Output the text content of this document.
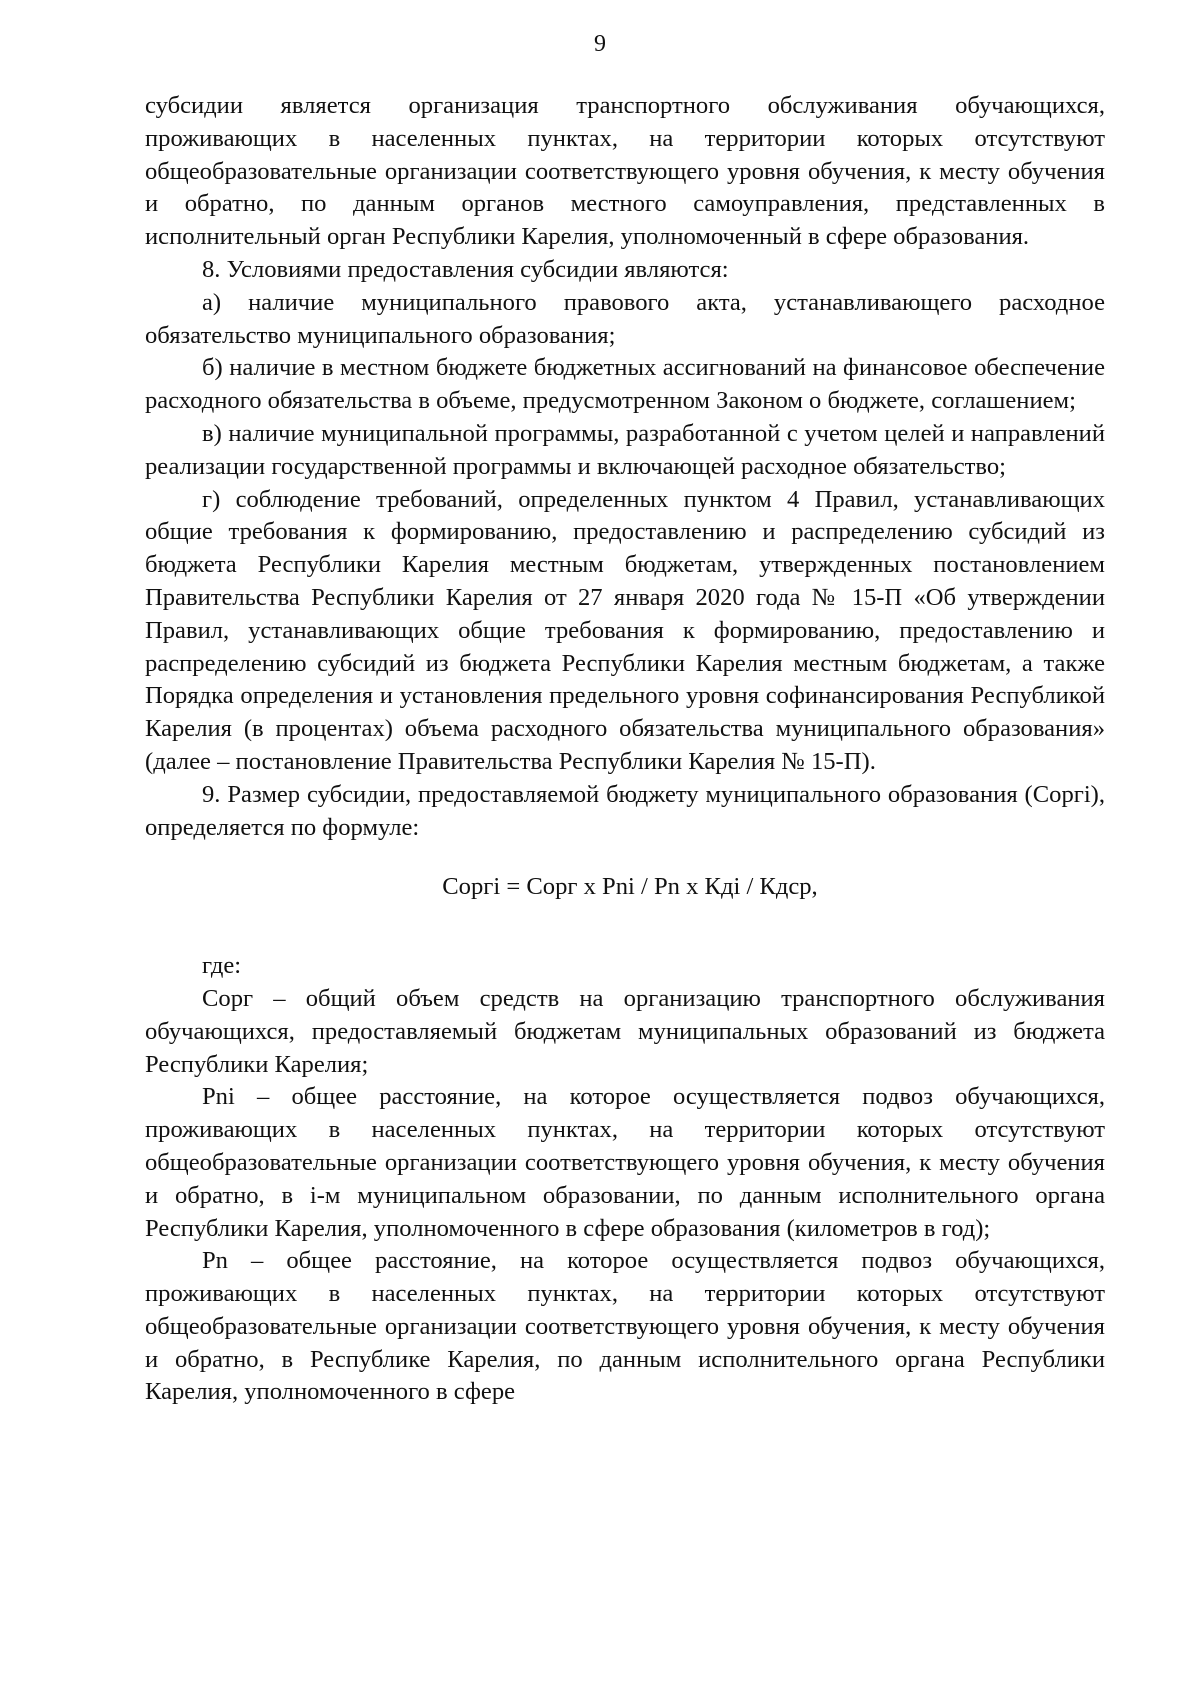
9

субсидии является организация транспортного обслуживания обучающихся, проживающих в населенных пунктах, на территории которых отсутствуют общеобразовательные организации соответствующего уровня обучения, к месту обучения и обратно, по данным органов местного самоуправления, представленных в исполнительный орган Республики Карелия, уполномоченный в сфере образования.

8. Условиями предоставления субсидии являются:

а) наличие муниципального правового акта, устанавливающего расходное обязательство муниципального образования;

б) наличие в местном бюджете бюджетных ассигнований на финансовое обеспечение расходного обязательства в объеме, предусмотренном Законом о бюджете, соглашением;

в) наличие муниципальной программы, разработанной с учетом целей и направлений реализации государственной программы и включающей расходное обязательство;

г) соблюдение требований, определенных пунктом 4 Правил, устанавливающих общие требования к формированию, предоставлению и распределению субсидий из бюджета Республики Карелия местным бюджетам, утвержденных постановлением Правительства Республики Карелия от 27 января 2020 года № 15-П «Об утверждении Правил, устанавливающих общие требования к формированию, предоставлению и распределению субсидий из бюджета Республики Карелия местным бюджетам, а также Порядка определения и установления предельного уровня софинансирования Республикой Карелия (в процентах) объема расходного обязательства муниципального образования» (далее – постановление Правительства Республики Карелия № 15-П).

9. Размер субсидии, предоставляемой бюджету муниципального образования (Сopгi), определяется по формуле:

Сopгi = Сорг x Pni / Pn x Кдi / Кдср,

где:

Сорг – общий объем средств на организацию транспортного обслуживания обучающихся, предоставляемый бюджетам муниципальных образований из бюджета Республики Карелия;

Pni – общее расстояние, на которое осуществляется подвоз обучающихся, проживающих в населенных пунктах, на территории которых отсутствуют общеобразовательные организации соответствующего уровня обучения, к месту обучения и обратно, в i-м муниципальном образовании, по данным исполнительного органа Республики Карелия, уполномоченного в сфере образования (километров в год);

Pn – общее расстояние, на которое осуществляется подвоз обучающихся, проживающих в населенных пунктах, на территории которых отсутствуют общеобразовательные организации соответствующего уровня обучения, к месту обучения и обратно, в Республике Карелия, по данным исполнительного органа Республики Карелия, уполномоченного в сфере
